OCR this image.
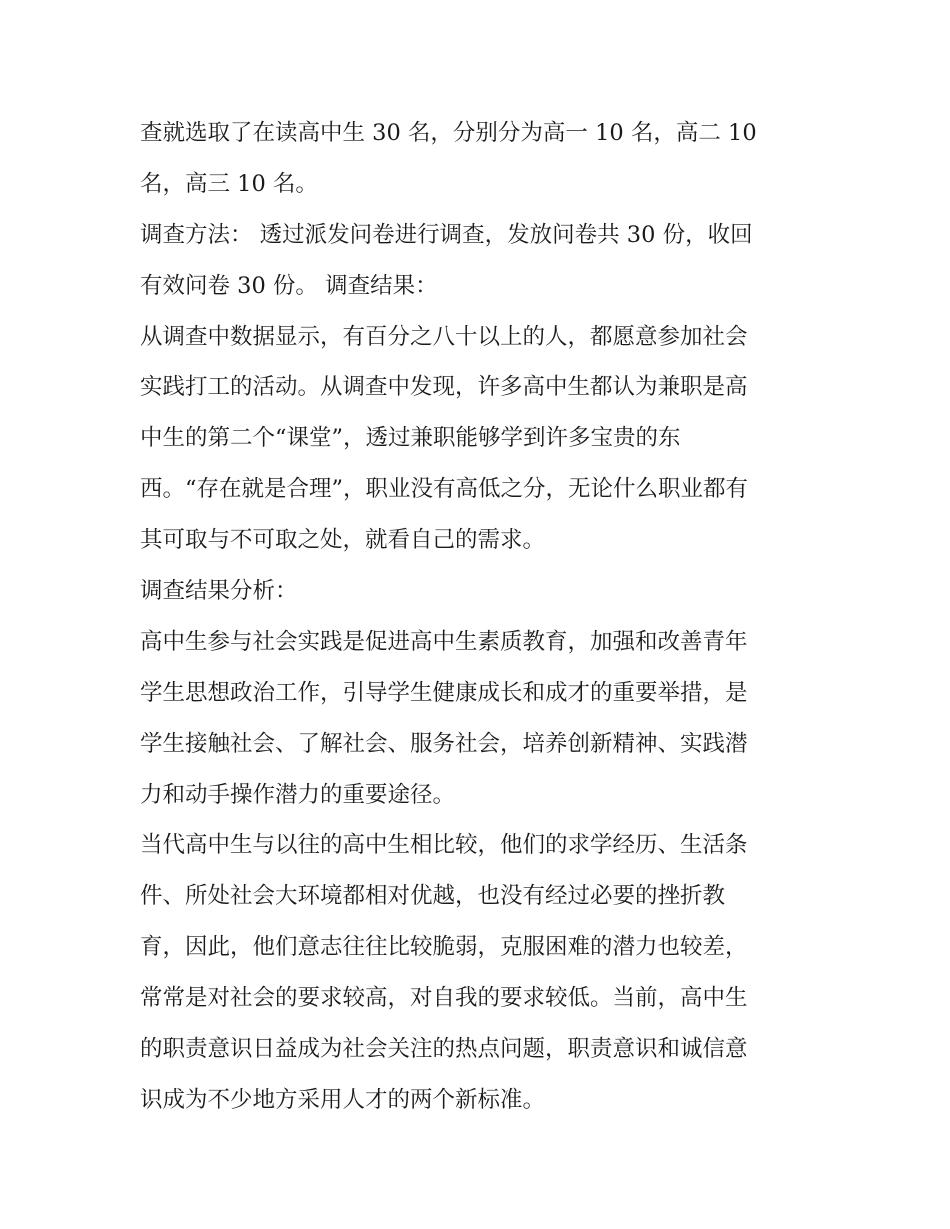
查就选取了在读高中生 30 名，分别分为高一 10 名，高二 10
名，高三 10 名。
调查方法： 透过派发问卷进行调查，发放问卷共 30 份，收回
有效问卷 30 份。 调查结果：
从调查中数据显示，有百分之八十以上的人，都愿意参加社会
实践打工的活动。从调查中发现，许多高中生都认为兼职是高
中生的第二个“课堂”，透过兼职能够学到许多宝贵的东
西。“存在就是合理”，职业没有高低之分，无论什么职业都有
其可取与不可取之处，就看自己的需求。
调查结果分析：
高中生参与社会实践是促进高中生素质教育，加强和改善青年
学生思想政治工作，引导学生健康成长和成才的重要举措，是
学生接触社会、了解社会、服务社会，培养创新精神、实践潜
力和动手操作潜力的重要途径。
当代高中生与以往的高中生相比较，他们的求学经历、生活条
件、所处社会大环境都相对优越，也没有经过必要的挫折教
育，因此，他们意志往往比较脆弱，克服困难的潜力也较差，
常常是对社会的要求较高，对自我的要求较低。当前，高中生
的职责意识日益成为社会关注的热点问题，职责意识和诚信意
识成为不少地方采用人才的两个新标准。
